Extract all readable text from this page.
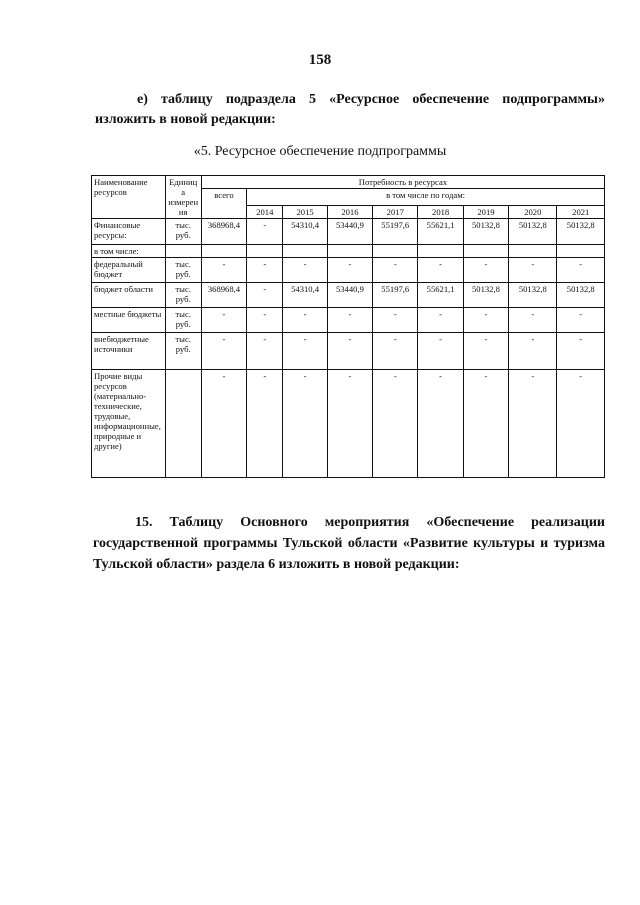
158
е) таблицу подраздела 5 «Ресурсное обеспечение подпрограммы» изложить в новой редакции:
«5. Ресурсное обеспечение подпрограммы
Наименование ресурсов	Единица измерения	Потребность в ресурсах								
		всего	в том числе по годам:							
			2014	2015	2016	2017	2018	2019	2020	2021
Финансовые ресурсы:	тыс. руб.	368968,4	-	54310,4	53440,9	55197,6	55621,1	50132,8	50132,8	50132,8
в том числе:										
федеральный бюджет	тыс. руб.	-	-	-	-	-	-	-	-	-
бюджет области	тыс. руб.	368968,4	-	54310,4	53440,9	55197,6	55621,1	50132,8	50132,8	50132,8
местные бюджеты	тыс. руб.	-	-	-	-	-	-	-	-	-
внебюджетные источники	тыс. руб.	-	-	-	-	-	-	-	-	-
Прочие виды ресурсов (материально-технические, трудовые, информационные, природные и другие)		-	-	-	-	-	-	-	-	-
15. Таблицу Основного мероприятия «Обеспечение реализации государственной программы Тульской области «Развитие культуры и туризма Тульской области» раздела 6 изложить в новой редакции:
